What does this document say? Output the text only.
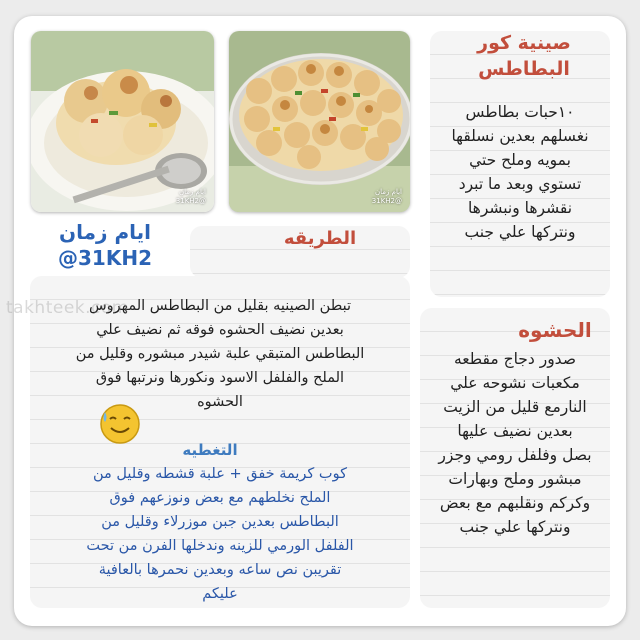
ايام زمان
@31KH2
ايام زمان
@31KH2
صينية كور
البطاطس
١٠حبات بطاطس
نغسلهم بعدين نسلقها
بمويه وملح حتي
تستوي وبعد ما تبرد
نقشرها ونبشرها
ونتركها علي جنب
الحشوه
صدور دجاج مقطعه
مكعبات نشوحه علي
النارمع قليل من الزيت
بعدين نضيف عليها
بصل وفلفل رومي وجزر
مبشور وملح وبهارات
وكركم ونقلبهم مع بعض
ونتركها علي جنب
ايام زمان
@31KH2
الطريقه
تبطن الصينيه بقليل من البطاطس المهروس
بعدين نضيف الحشوه فوقه ثم نضيف علي
البطاطس المتبقي علبة شيدر مبشوره وقليل من
الملح والفلفل الاسود ونكورها ونرتبها فوق
الحشوه
التغطيه
كوب كريمة خفق + علبة قشطه وقليل من
الملح نخلطهم مع بعض ونوزعهم فوق
البطاطس بعدين جبن موزرلاء وقليل من
الفلفل الورمي للزينه وندخلها الفرن من تحت
تقريبن نص ساعه وبعدين نحمرها بالعافية
عليكم
takhteek.com
